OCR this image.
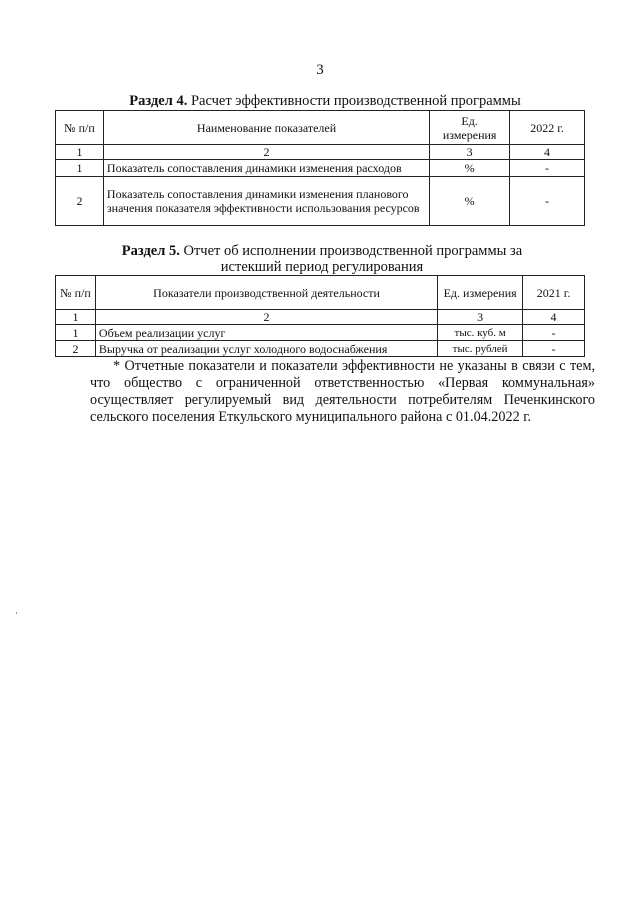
3
Раздел 4. Расчет эффективности производственной программы
№ п/п	Наименование показателей	Ед. измерения	2022 г.
1	2	3	4
1	Показатель сопоставления динамики изменения расходов	%	-
2	Показатель сопоставления динамики изменения планового значения показателя эффективности использования ресурсов	%	-
Раздел 5. Отчет об исполнении производственной программы за истекший период регулирования
№ п/п	Показатели производственной деятельности	Ед. измерения	2021 г.
1	2	3	4
1	Объем реализации услуг	тыс. куб. м	-
2	Выручка от реализации услуг холодного водоснабжения	тыс. рублей	-
* Отчетные показатели и показатели эффективности не указаны в связи с тем, что общество с ограниченной ответственностью «Первая коммунальная» осуществляет регулируемый вид деятельности потребителям Печенкинского сельского поселения Еткульского муниципального района с 01.04.2022 г.
